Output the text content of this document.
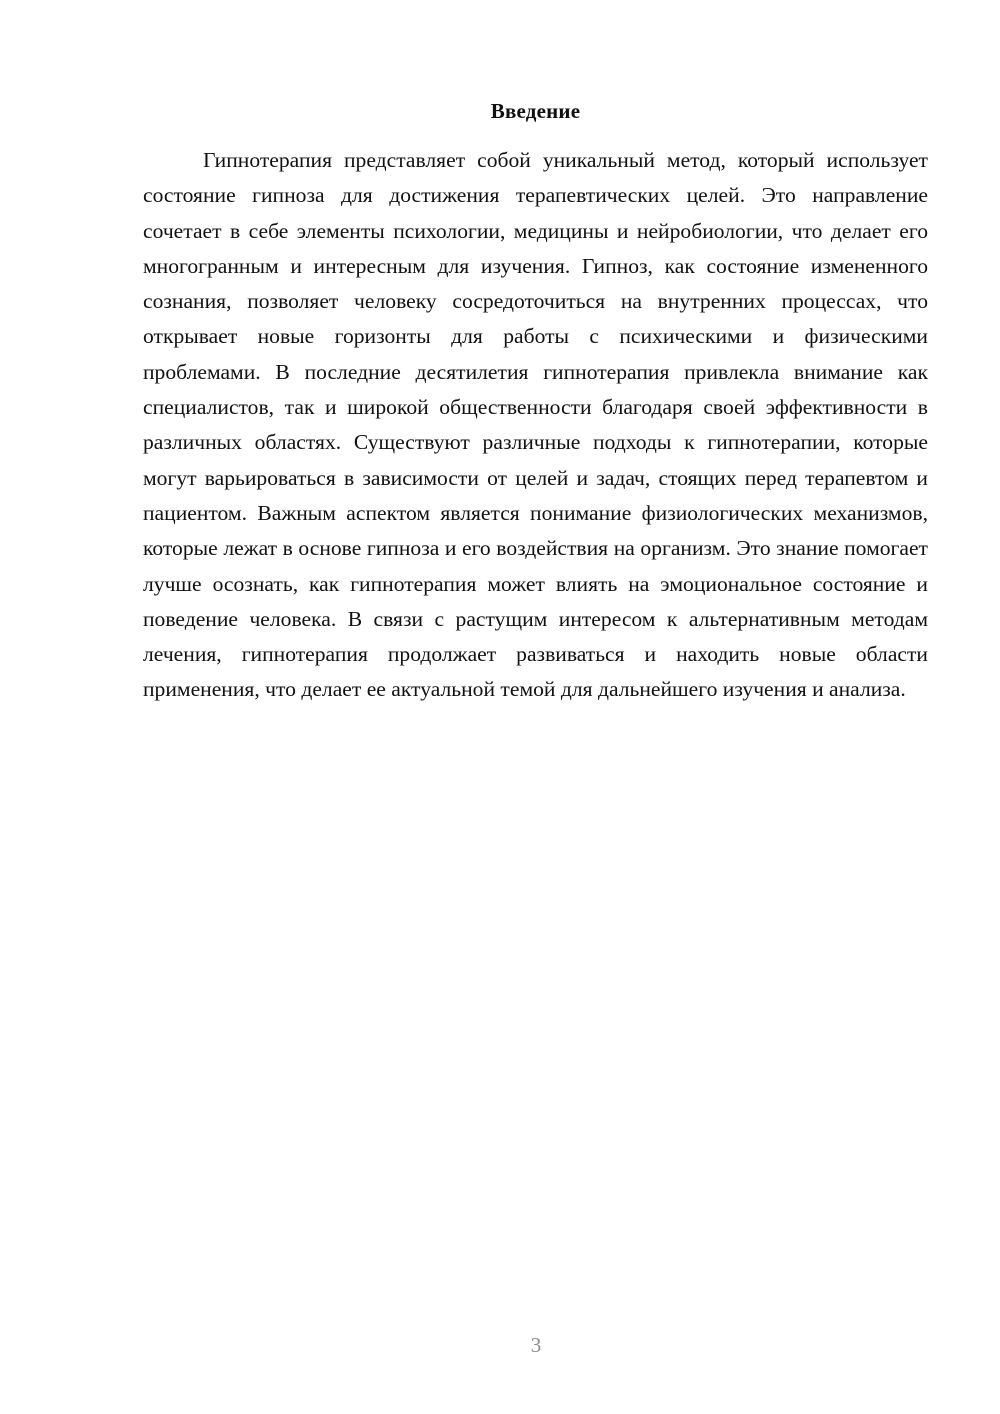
Введение

Гипнотерапия представляет собой уникальный метод, который использует состояние гипноза для достижения терапевтических целей. Это направление сочетает в себе элементы психологии, медицины и нейробиологии, что делает его многогранным и интересным для изучения. Гипноз, как состояние измененного сознания, позволяет человеку сосредоточиться на внутренних процессах, что открывает новые горизонты для работы с психическими и физическими проблемами. В последние десятилетия гипнотерапия привлекла внимание как специалистов, так и широкой общественности благодаря своей эффективности в различных областях. Существуют различные подходы к гипнотерапии, которые могут варьироваться в зависимости от целей и задач, стоящих перед терапевтом и пациентом. Важным аспектом является понимание физиологических механизмов, которые лежат в основе гипноза и его воздействия на организм. Это знание помогает лучше осознать, как гипнотерапия может влиять на эмоциональное состояние и поведение человека. В связи с растущим интересом к альтернативным методам лечения, гипнотерапия продолжает развиваться и находить новые области применения, что делает ее актуальной темой для дальнейшего изучения и анализа.

3
